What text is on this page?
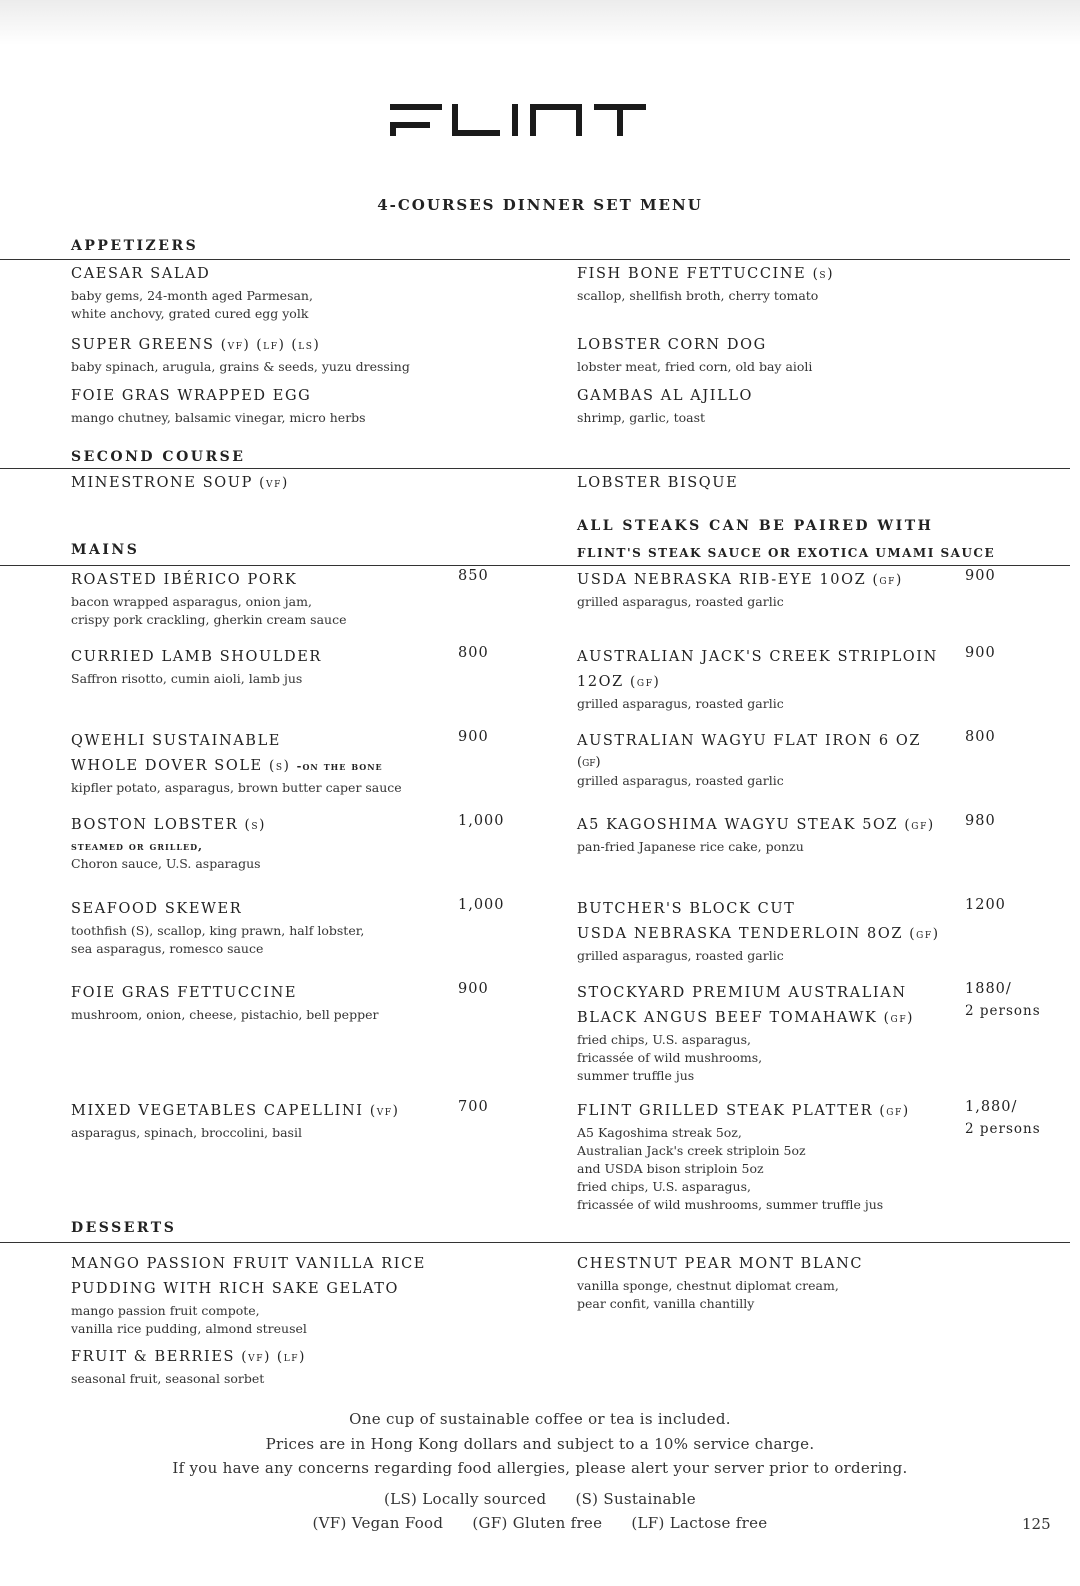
4-COURSES DINNER SET MENU
APPETIZERS
CAESAR SALAD
baby gems, 24-month aged Parmesan,
white anchovy, grated cured egg yolk
SUPER GREENS (vf) (lf) (ls)
baby spinach, arugula, grains & seeds, yuzu dressing
FOIE GRAS WRAPPED EGG
mango chutney, balsamic vinegar, micro herbs
FISH BONE FETTUCCINE (s)
scallop, shellfish broth, cherry tomato
LOBSTER CORN DOG
lobster meat, fried corn, old bay aioli
GAMBAS AL AJILLO
shrimp, garlic, toast
SECOND COURSE
MINESTRONE SOUP (vf)	LOBSTER BISQUE
ALL STEAKS CAN BE PAIRED WITH
FLINT'S STEAK SAUCE OR EXOTICA UMAMI SAUCE
MAINS
ROASTED IBÉRICO PORK
bacon wrapped asparagus, onion jam,
crispy pork crackling, gherkin cream sauce
850
CURRIED LAMB SHOULDER
Saffron risotto, cumin aioli, lamb jus
800
QWEHLI SUSTAINABLE
WHOLE DOVER SOLE (s) -on the bone
kipfler potato, asparagus, brown butter caper sauce
900
BOSTON LOBSTER (s)
steamed or grilled,
Choron sauce, U.S. asparagus
1,000
SEAFOOD SKEWER
toothfish (S), scallop, king prawn, half lobster,
sea asparagus, romesco sauce
1,000
FOIE GRAS FETTUCCINE
mushroom, onion, cheese, pistachio, bell pepper
900
MIXED VEGETABLES CAPELLINI (vf)
asparagus, spinach, broccolini, basil
700
USDA NEBRASKA RIB-EYE 10OZ (gf)
grilled asparagus, roasted garlic
900
AUSTRALIAN JACK'S CREEK STRIPLOIN
12OZ (gf)
grilled asparagus, roasted garlic
900
AUSTRALIAN WAGYU FLAT IRON 6 OZ
(gf)
grilled asparagus, roasted garlic
800
A5 KAGOSHIMA WAGYU STEAK 5OZ (gf)
pan-fried Japanese rice cake, ponzu
980
BUTCHER'S BLOCK CUT
USDA NEBRASKA TENDERLOIN 8OZ (gf)
grilled asparagus, roasted garlic
1200
STOCKYARD PREMIUM AUSTRALIAN
BLACK ANGUS BEEF TOMAHAWK (gf)
fried chips, U.S. asparagus,
fricassée of wild mushrooms,
summer truffle jus
1880/
2 persons
FLINT GRILLED STEAK PLATTER (gf)
A5 Kagoshima streak 5oz,
Australian Jack's creek striploin 5oz
and USDA bison striploin 5oz
fried chips, U.S. asparagus,
fricassée of wild mushrooms, summer truffle jus
1,880/
2 persons
DESSERTS
MANGO PASSION FRUIT VANILLA RICE
PUDDING WITH RICH SAKE GELATO
mango passion fruit compote,
vanilla rice pudding, almond streusel
FRUIT & BERRIES (vf) (lf)
seasonal fruit, seasonal sorbet
CHESTNUT PEAR MONT BLANC
vanilla sponge, chestnut diplomat cream,
pear confit, vanilla chantilly
One cup of sustainable coffee or tea is included.
Prices are in Hong Kong dollars and subject to a 10% service charge.
If you have any concerns regarding food allergies, please alert your server prior to ordering.
(LS) Locally sourced (S) Sustainable
(VF) Vegan Food (GF) Gluten free (LF) Lactose free	125
